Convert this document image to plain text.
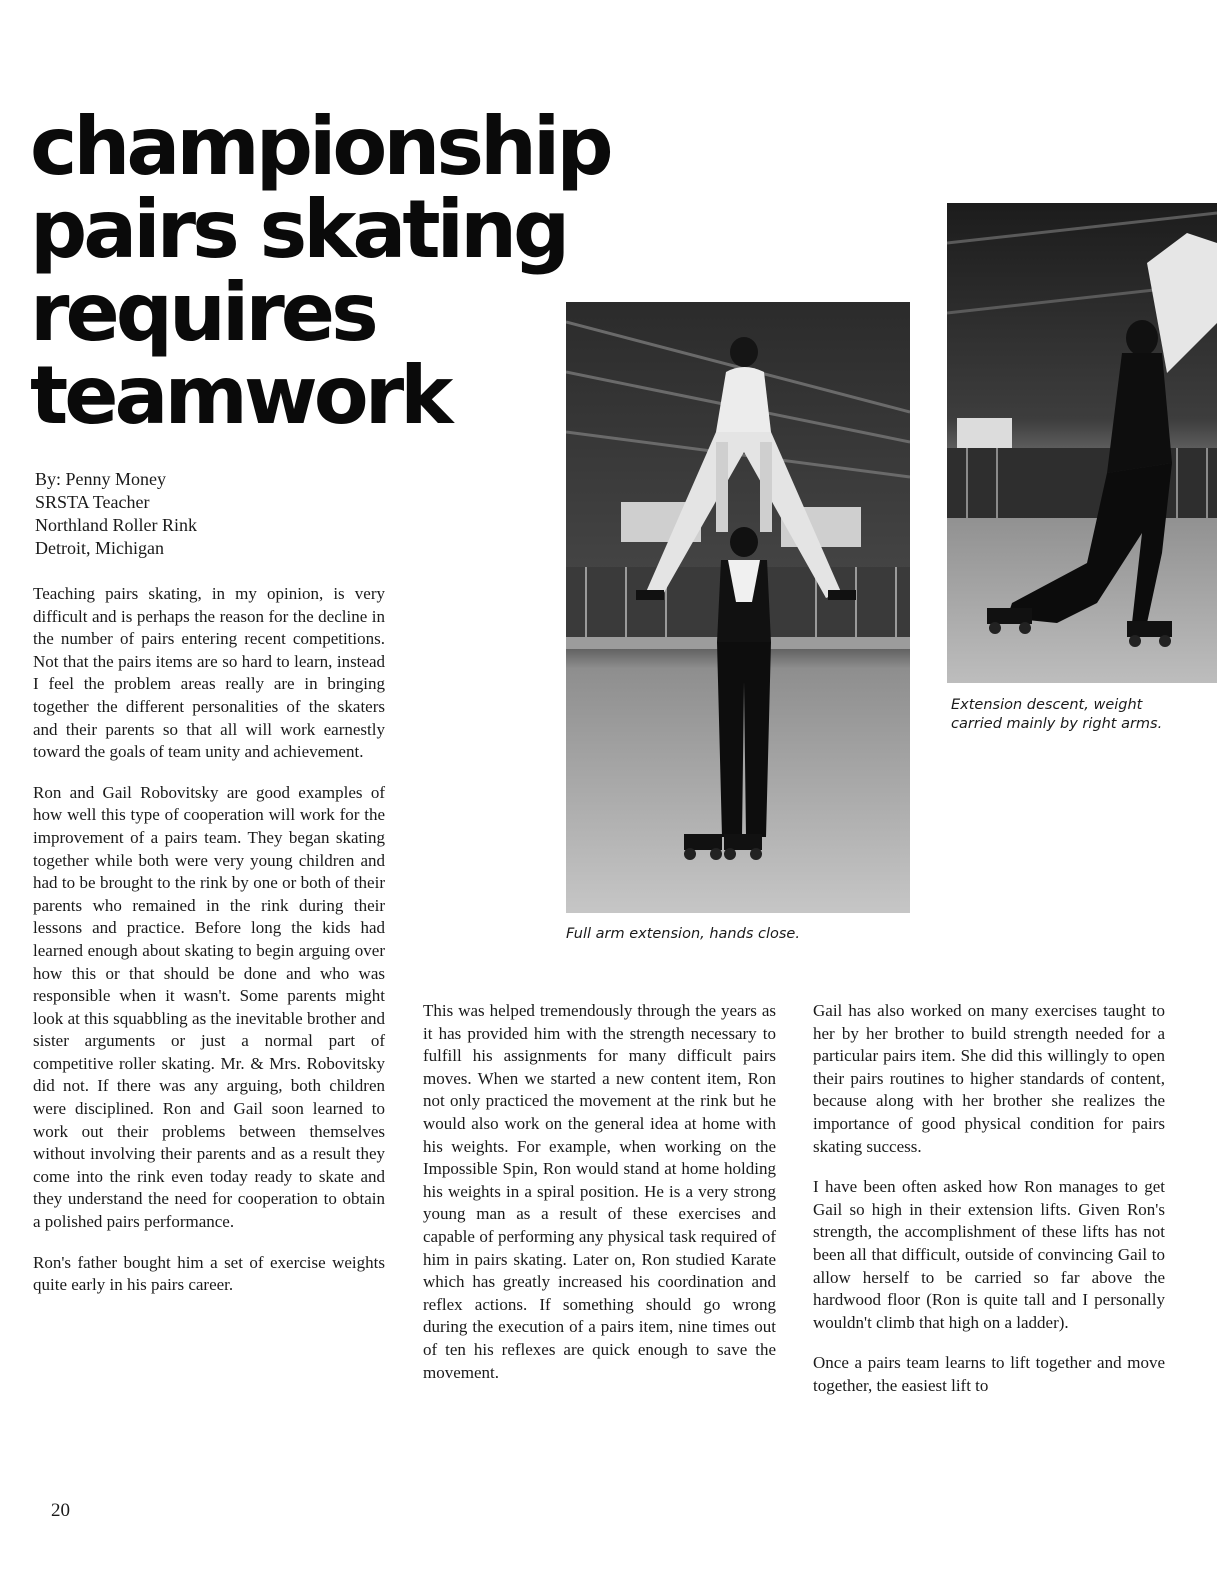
championship
pairs skating
requires
teamwork
By: Penny Money
SRSTA Teacher
Northland Roller Rink
Detroit, Michigan

Teaching pairs skating, in my opinion, is very difficult and is perhaps the reason for the decline in the number of pairs entering recent competitions. Not that the pairs items are so hard to learn, instead I feel the problem areas really are in bringing together the different personalities of the skaters and their parents so that all will work earnestly toward the goals of team unity and achievement.

Ron and Gail Robovitsky are good examples of how well this type of cooperation will work for the improvement of a pairs team. They began skating together while both were very young children and had to be brought to the rink by one or both of their parents who remained in the rink during their lessons and practice. Before long the kids had learned enough about skating to begin arguing over how this or that should be done and who was responsible when it wasn't. Some parents might look at this squabbling as the inevitable brother and sister arguments or just a normal part of competitive roller skating. Mr. & Mrs. Robovitsky did not. If there was any arguing, both children were disciplined. Ron and Gail soon learned to work out their problems between themselves without involving their parents and as a result they come into the rink even today ready to skate and they understand the need for cooperation to obtain a polished pairs performance.

Ron's father bought him a set of exercise weights quite early in his pairs career.

This was helped tremendously through the years as it has provided him with the strength necessary to fulfill his assignments for many difficult pairs moves. When we started a new content item, Ron not only practiced the movement at the rink but he would also work on the general idea at home with his weights. For example, when working on the Impossible Spin, Ron would stand at home holding his weights in a spiral position. He is a very strong young man as a result of these exercises and capable of performing any physical task required of him in pairs skating. Later on, Ron studied Karate which has greatly increased his coordination and reflex actions. If something should go wrong during the execution of a pairs item, nine times out of ten his reflexes are quick enough to save the movement.

Gail has also worked on many exercises taught to her by her brother to build strength needed for a particular pairs item. She did this willingly to open their pairs routines to higher standards of content, because along with her brother she realizes the importance of good physical condition for pairs skating success.

I have been often asked how Ron manages to get Gail so high in their extension lifts. Given Ron's strength, the accomplishment of these lifts has not been all that difficult, outside of convincing Gail to allow herself to be carried so far above the hardwood floor (Ron is quite tall and I personally wouldn't climb that high on a ladder).

Once a pairs team learns to lift together and move together, the easiest lift to

Full arm extension, hands close.
Extension descent, weight carried mainly by right arms.
20
